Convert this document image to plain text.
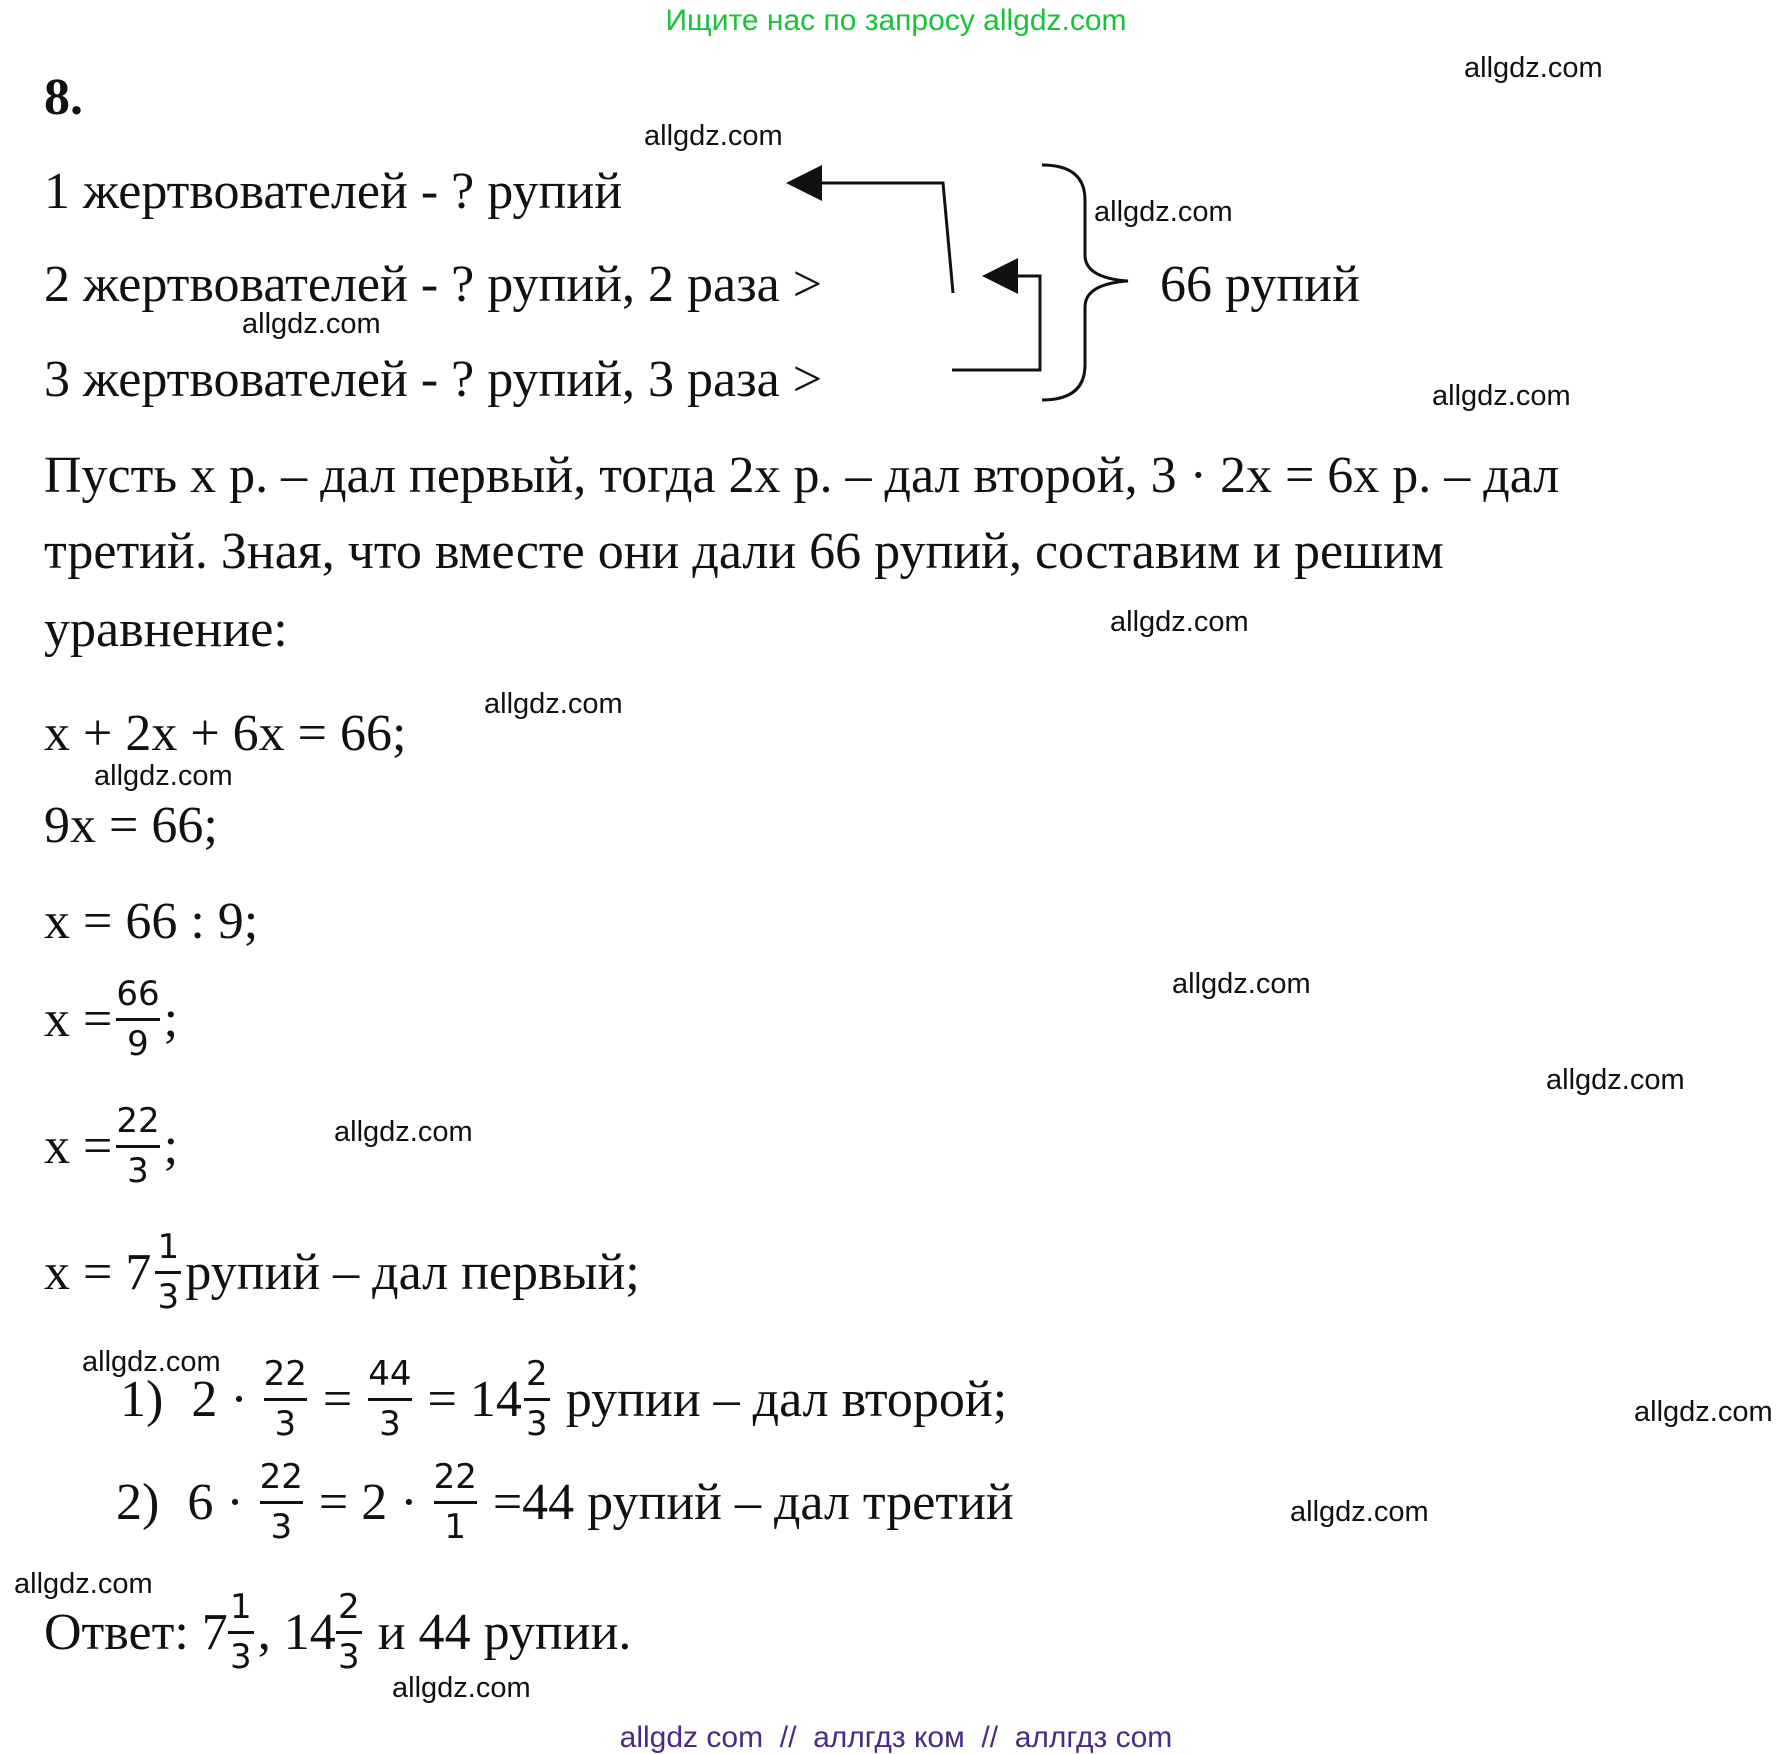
Ищите нас по запросу allgdz.com
8.
1 жертвователей - ? рупий
2 жертвователей - ? рупий, 2 раза >
3 жертвователей - ? рупий, 3 раза >
66 рупий
Пусть х р. – дал первый, тогда 2х р. – дал второй, 3 · 2х = 6х р. – дал
третий. Зная, что вместе они дали 66 рупий, составим и решим
уравнение:
х + 2х + 6х = 66;
9х = 66;
х = 66 : 9;
$х = \frac{66}{9}$ ;
$х = \frac{22}{3}$ ;
$х = 7 \frac{1}{3}$ рупий – дал первый;
1) $2 \cdot \frac{22}{3} = \frac{44}{3} = 14 \frac{2}{3}$ рупии – дал второй;
2) $6 \cdot \frac{22}{3} = 2 \cdot \frac{22}{1} =44$ рупий – дал третий
Ответ: $7 \frac{1}{3}$ , $14 \frac{2}{3}$ и 44 рупии.
allgdz.com
allgdz.com
allgdz.com
allgdz.com
allgdz.com
allgdz.com
allgdz.com
allgdz.com
allgdz.com
allgdz.com
allgdz.com
allgdz.com
allgdz.com
allgdz.com
allgdz.com
allgdz.com
allgdz com  //  аллгдз ком  //  аллгдз com
